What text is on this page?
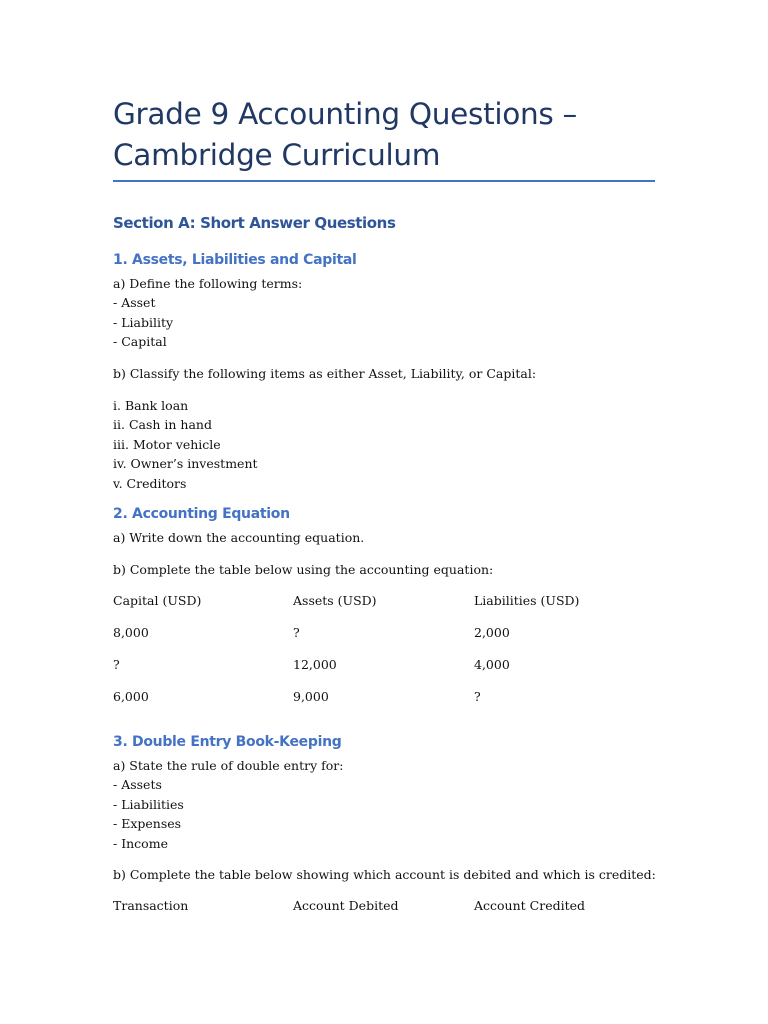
Grade 9 Accounting Questions –
Cambridge Curriculum
Section A: Short Answer Questions
1. Assets, Liabilities and Capital
a) Define the following terms:
- Asset
- Liability
- Capital
b) Classify the following items as either Asset, Liability, or Capital:
i. Bank loan
ii. Cash in hand
iii. Motor vehicle
iv. Owner’s investment
v. Creditors
2. Accounting Equation
a) Write down the accounting equation.
b) Complete the table below using the accounting equation:
Capital (USD)	Assets (USD)	Liabilities (USD)
8,000	?	2,000
?	12,000	4,000
6,000	9,000	?
3. Double Entry Book-Keeping
a) State the rule of double entry for:
- Assets
- Liabilities
- Expenses
- Income
b) Complete the table below showing which account is debited and which is credited:
Transaction	Account Debited	Account Credited
